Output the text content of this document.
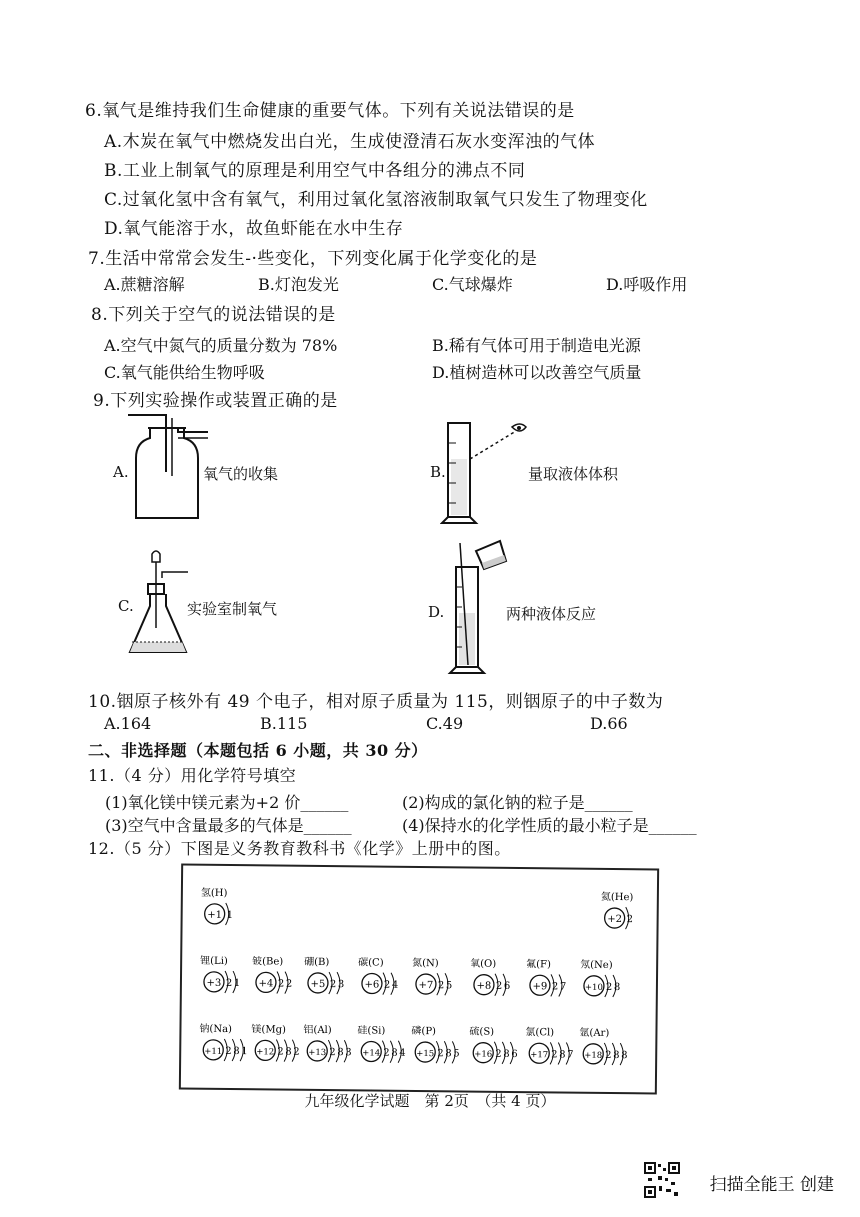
6.氧气是维持我们生命健康的重要气体。下列有关说法错误的是
A.木炭在氧气中燃烧发出白光，生成使澄清石灰水变浑浊的气体
B.工业上制氧气的原理是利用空气中各组分的沸点不同
C.过氧化氢中含有氧气，利用过氧化氢溶液制取氧气只发生了物理变化
D.氧气能溶于水，故鱼虾能在水中生存
7.生活中常常会发生-·些变化，下列变化属于化学变化的是
A.蔗糖溶解	B.灯泡发光	C.气球爆炸	D.呼吸作用
8.下列关于空气的说法错误的是
A.空气中氮气的质量分数为 78%	B.稀有气体可用于制造电光源
C.氧气能供给生物呼吸	D.植树造林可以改善空气质量
9.下列实验操作或装置正确的是
A.	氧气的收集	B.	量取液体体积
C.	实验室制氧气	D.	两种液体反应
10.铟原子核外有 49 个电子，相对原子质量为 115，则铟原子的中子数为
A.164	B.115	C.49	D.66
二、非选择题（本题包括 6 小题，共 30 分）
11.（4 分）用化学符号填空
(1)氧化镁中镁元素为+2 价______	(2)构成的氯化钠的粒子是______
(3)空气中含量最多的气体是______	(4)保持水的化学性质的最小粒子是______
12.（5 分）下图是义务教育教科书《化学》上册中的图。
氢(H)
+1 1
氦(He)
+2 2
锂(Li)
+3 2 1
铍(Be)
+4 2 2
硼(B)
+5 2 3
碳(C)
+6 2 4
氮(N)
+7 2 5
氧(O)
+8 2 6
氟(F)
+9 2 7
氖(Ne)
+10 2 8
钠(Na)
+11 2 8 1
镁(Mg)
+12 2 8 2
铝(Al)
+13 2 8 3
硅(Si)
+14 2 8 4
磷(P)
+15 2 8 5
硫(S)
+16 2 8 6
氯(Cl)
+17 2 8 7
氩(Ar)
+18 2 8 8
九年级化学试题　第 2页　（共 4 页）
扫描全能王 创建
